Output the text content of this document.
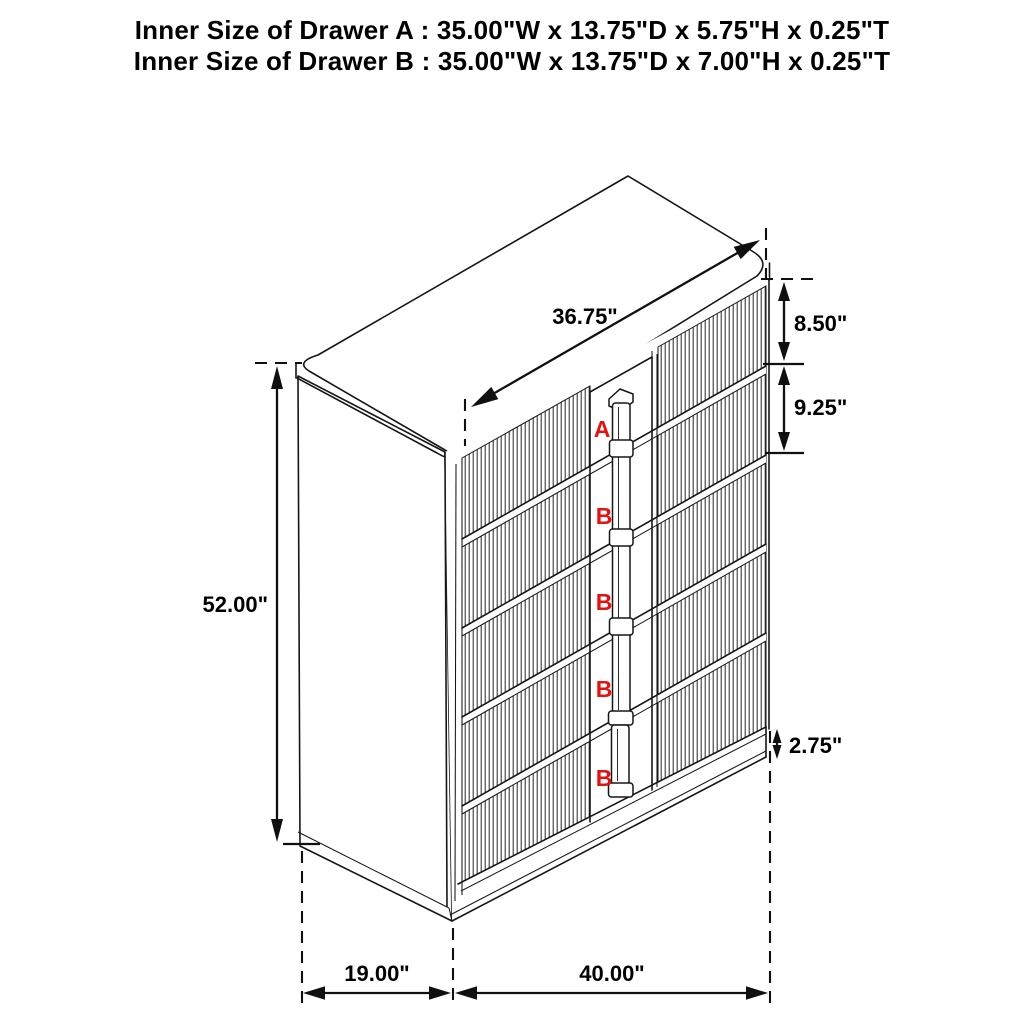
Inner Size of Drawer A : 35.00"W x 13.75"D x 5.75"H x 0.25"T
Inner Size of Drawer B : 35.00"W x 13.75"D x 7.00"H x 0.25"T
A
B
B
B
B
36.75"	8.50"
9.25"
52.00"
2.75"
19.00"	40.00"
